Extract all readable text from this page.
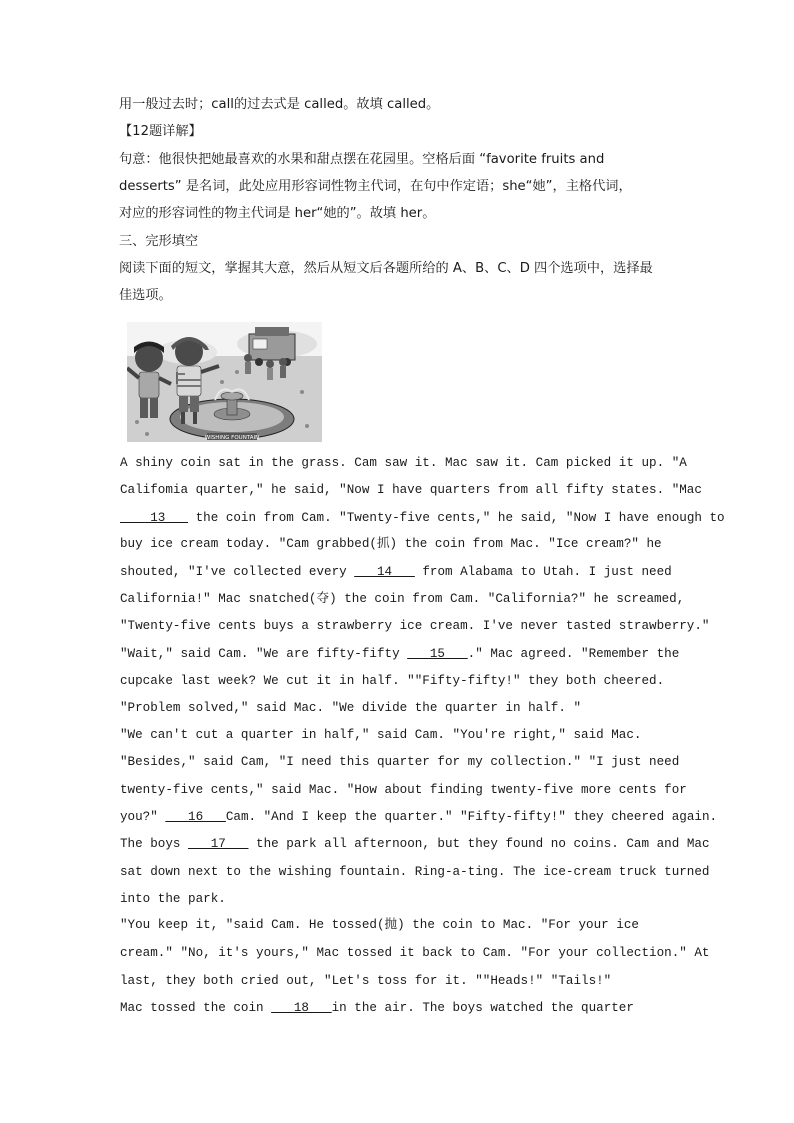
用一般过去时；call的过去式是 called。故填 called。
【12题详解】
句意：他很快把她最喜欢的水果和甜点摆在花园里。空格后面 “favorite fruits and
desserts” 是名词，此处应用形容词性物主代词，在句中作定语；she“她”，主格代词，
对应的形容词性的物主代词是 her“她的”。故填 her。
三、完形填空
阅读下面的短文，掌握其大意，然后从短文后各题所给的 A、B、C、D 四个选项中，选择最
佳选项。
WISHING FOUNTAIN
A shiny coin sat in the grass. Cam saw it. Mac saw it. Cam picked it up. ″A
Califomia quarter,″ he said, ″Now I have quarters from all fifty states. ″Mac
___13___ the coin from Cam. ″Twenty-five cents,″ he said, ″Now I have enough to
buy ice cream today. ″Cam grabbed(抓) the coin from Mac. ″Ice cream?″ he
shouted, ″I've collected every ___14___ from Alabama to Utah. I just need
California!″ Mac snatched(夺) the coin from Cam. ″California?″ he screamed,
″Twenty-five cents buys a strawberry ice cream. I've never tasted strawberry.″
″Wait,″ said Cam. ″We are fifty-fifty ___15___.″ Mac agreed. ″Remember the
cupcake last week? We cut it in half. ″″Fifty-fifty!″ they both cheered.
″Problem solved,″ said Mac. ″We divide the quarter in half. ″
″We can't cut a quarter in half,″ said Cam. ″You're right,″ said Mac.
″Besides,″ said Cam, ″I need this quarter for my collection.″ ″I just need
twenty-five cents,″ said Mac. ″How about finding twenty-five more cents for
you?″ ___16___Cam. ″And I keep the quarter.″ ″Fifty-fifty!″ they cheered again.
The boys ___17___ the park all afternoon, but they found no coins. Cam and Mac
sat down next to the wishing fountain. Ring-a-ting. The ice-cream truck turned
into the park.
″You keep it, ″said Cam. He tossed(抛) the coin to Mac. ″For your ice
cream.″ ″No, it's yours,″ Mac tossed it back to Cam. ″For your collection.″ At
last, they both cried out, ″Let's toss for it. ″″Heads!″ ″Tails!″
Mac tossed the coin ___18___in the air. The boys watched the quarter
